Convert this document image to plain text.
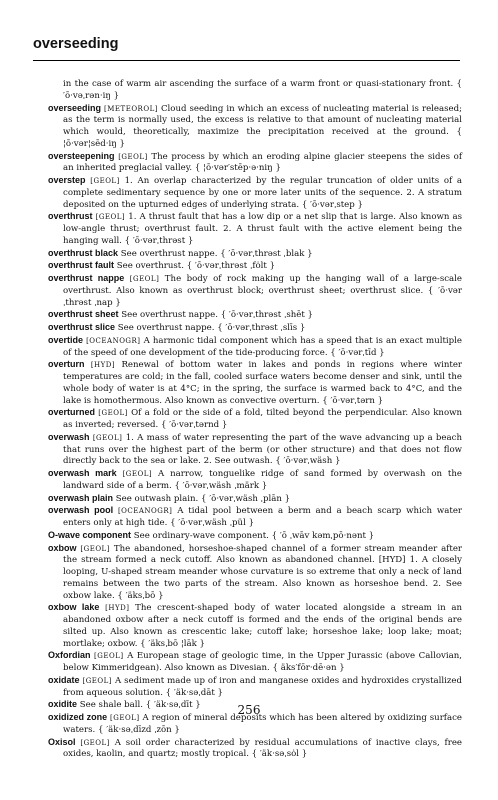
overseeding

in the case of warm air ascending the surface of a warm front or quasi-stationary front. { ′ō·vəˌrən·iŋ }

overseeding [METEOROL] Cloud seeding in which an excess of nucleating material is released; as the term is normally used, the excess is relative to that amount of nucleating material which would, theoretically, maximize the precipitation received at the ground. { ¦ō·vər¦sēd·iŋ }

oversteepening [GEOL] The process by which an eroding alpine glacier steepens the sides of an inherited preglacial valley. { ¦ō·vər′stēp·ə·niŋ }

overstep [GEOL] 1. An overlap characterized by the regular truncation of older units of a complete sedimentary sequence by one or more later units of the sequence. 2. A stratum deposited on the upturned edges of underlying strata. { ′ō·vərˌstep }

overthrust [GEOL] 1. A thrust fault that has a low dip or a net slip that is large. Also known as low-angle thrust; overthrust fault. 2. A thrust fault with the active element being the hanging wall. { ′ō·vərˌthrəst }

overthrust black See overthrust nappe. { ′ō·vərˌthrəst ˌblak }

overthrust fault See overthrust. { ′ō·vərˌthrəst ˌfȯlt }

overthrust nappe [GEOL] The body of rock making up the hanging wall of a large-scale overthrust. Also known as overthrust block; overthrust sheet; overthrust slice. { ′ō·vərˌthrəst ˌnap }

overthrust sheet See overthrust nappe. { ′ō·vərˌthrəst ˌshēt }

overthrust slice See overthrust nappe. { ′ō·vərˌthrəst ˌslīs }

overtide [OCEANOGR] A harmonic tidal component which has a speed that is an exact multiple of the speed of one development of the tide-producing force. { ′ō·vərˌtīd }

overturn [HYD] Renewal of bottom water in lakes and ponds in regions where winter temperatures are cold; in the fall, cooled surface waters become denser and sink, until the whole body of water is at 4°C; in the spring, the surface is warmed back to 4°C, and the lake is homothermous. Also known as convective overturn. { ′ō·vərˌtərn }

overturned [GEOL] Of a fold or the side of a fold, tilted beyond the perpendicular. Also known as inverted; reversed. { ′ō·vərˌtərnd }

overwash [GEOL] 1. A mass of water representing the part of the wave advancing up a beach that runs over the highest part of the berm (or other structure) and that does not flow directly back to the sea or lake. 2. See outwash. { ′ō·vərˌwäsh }

overwash mark [GEOL] A narrow, tonguelike ridge of sand formed by overwash on the landward side of a berm. { ′ō·vərˌwäsh ˌmärk }

overwash plain See outwash plain. { ′ō·vərˌwäsh ˌplān }

overwash pool [OCEANOGR] A tidal pool between a berm and a beach scarp which water enters only at high tide. { ′ō·vərˌwäsh ˌpül }

O-wave component See ordinary-wave component. { ′ō ˌwāv kəmˌpō·nənt }

oxbow [GEOL] The abandoned, horseshoe-shaped channel of a former stream meander after the stream formed a neck cutoff. Also known as abandoned channel. [HYD] 1. A closely looping, U-shaped stream meander whose curvature is so extreme that only a neck of land remains between the two parts of the stream. Also known as horseshoe bend. 2. See oxbow lake. { ′äksˌbō }

oxbow lake [HYD] The crescent-shaped body of water located alongside a stream in an abandoned oxbow after a neck cutoff is formed and the ends of the original bends are silted up. Also known as crescentic lake; cutoff lake; horseshoe lake; loop lake; moat; mortlake; oxbow. { ′äksˌbō ¦lāk }

Oxfordian [GEOL] A European stage of geologic time, in the Upper Jurassic (above Callovian, below Kimmeridgean). Also known as Divesian. { äks′fōr·dē·ən }

oxidate [GEOL] A sediment made up of iron and manganese oxides and hydroxides crystallized from aqueous solution. { ′äk·səˌdāt }

oxidite See shale ball. { ′äk·səˌdīt }

oxidized zone [GEOL] A region of mineral deposits which has been altered by oxidizing surface waters. { ′äk·səˌdīzd ˌzōn }

Oxisol [GEOL] A soil order characterized by residual accumulations of inactive clays, free oxides, kaolin, and quartz; mostly tropical. { ′äk·səˌsȯl }

256
